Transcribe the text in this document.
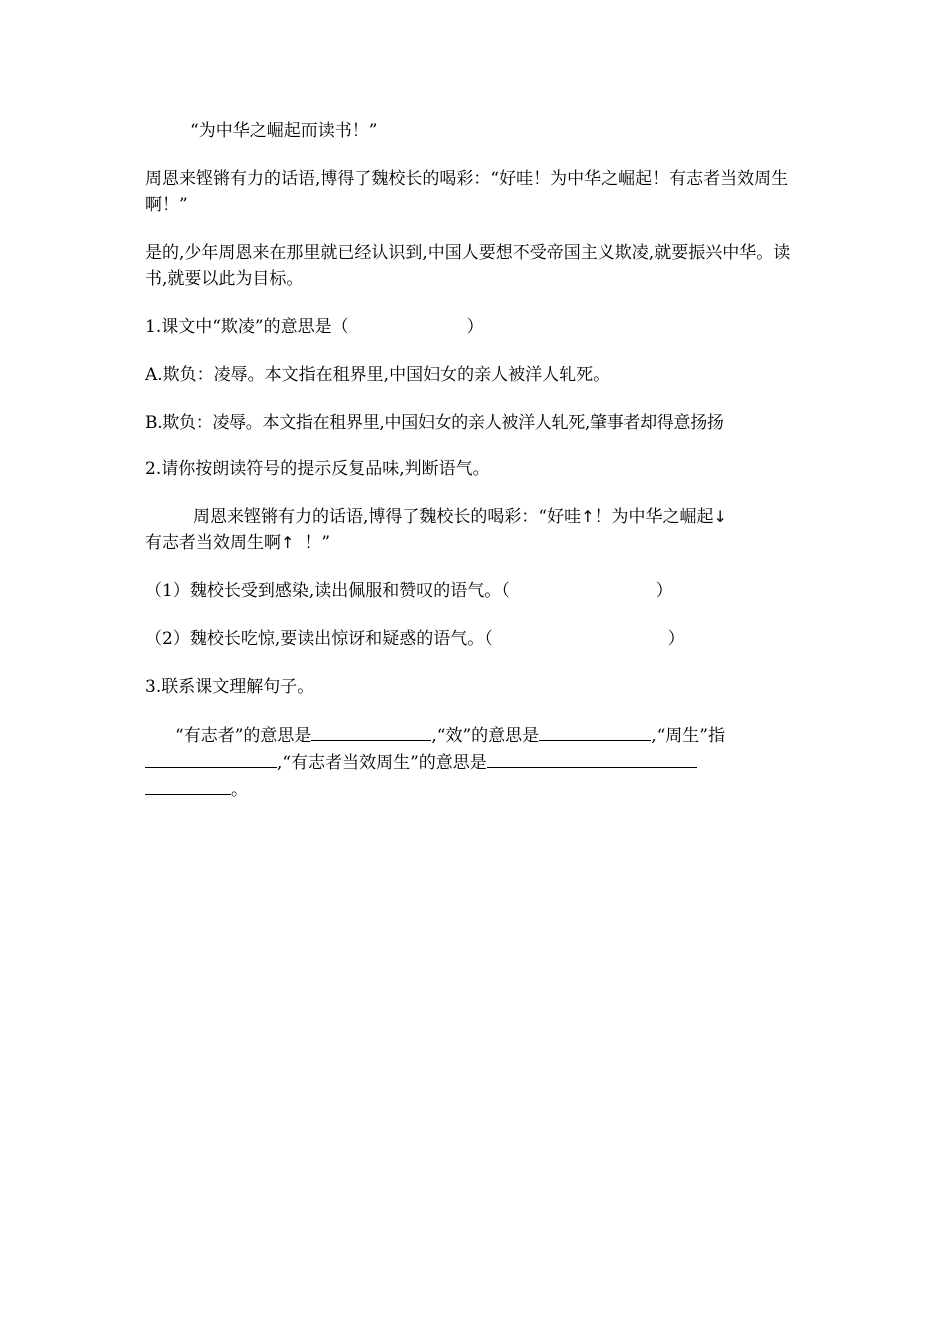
“为中华之崛起而读书！”

周恩来铿锵有力的话语,博得了魏校长的喝彩：“好哇！为中华之崛起！有志者当效周生啊！”

是的,少年周恩来在那里就已经认识到,中国人要想不受帝国主义欺凌,就要振兴中华。读书,就要以此为目标。

1.课文中“欺凌”的意思是（	）

A.欺负：凌辱。本文指在租界里,中国妇女的亲人被洋人轧死。

B.欺负：凌辱。本文指在租界里,中国妇女的亲人被洋人轧死,肇事者却得意扬扬

2.请你按朗读符号的提示反复品味,判断语气。

周恩来铿锵有力的话语,博得了魏校长的喝彩：“好哇↑！为中华之崛起↓

有志者当效周生啊↑ ！”

（1）魏校长受到感染,读出佩服和赞叹的语气。（	）

（2）魏校长吃惊,要读出惊讶和疑惑的语气。（	）

3.联系课文理解句子。

“有志者”的意思是	,“效”的意思是	,“周生”指

,“有志者当效周生”的意思是

。
